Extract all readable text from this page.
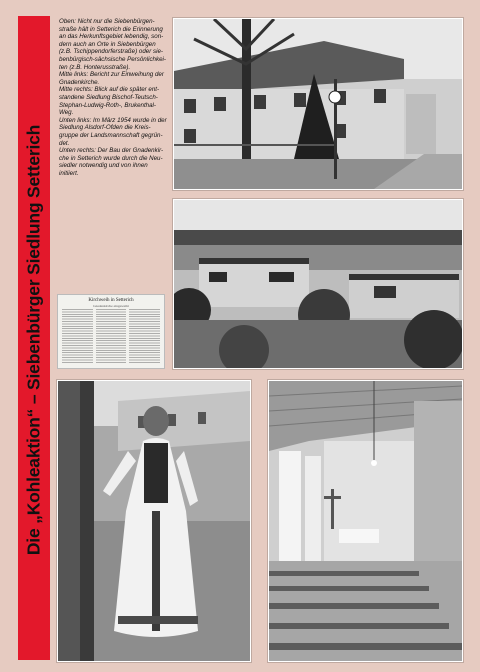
Die „Kohleaktion“ – Siebenbürger Siedlung Setterich

Oben: Nicht nur die Siebenbürgen-straße hält in Setterich die Erinnerung an das Herkunftsgebiet lebendig, son-dern auch an Orte in Siebenbürgen (z.B. Tschippendorferstraße) oder sie-benbürgisch-sächsische Persönlichkei-ten (z.B. Honterusstraße).

Mitte links: Bericht zur Einweihung der Gnadenkirche.

Mitte rechts: Blick auf die später ent-standene Siedlung Bischof-Teutsch-Stephan-Ludwig-Roth-, Brukenthal-Weg.

Unten links: Im März 1954 wurde in der Siedlung Alsdorf-Ofden die Kreis-gruppe der Landsmannschaft gegrün-det.

Unten rechts: Der Bau der Gnadenkir-che in Setterich wurde durch die Neu-siedler notwendig und von ihnen initiiert.

Kirchweih in Setterich
Gnadenkirche eingeweiht
